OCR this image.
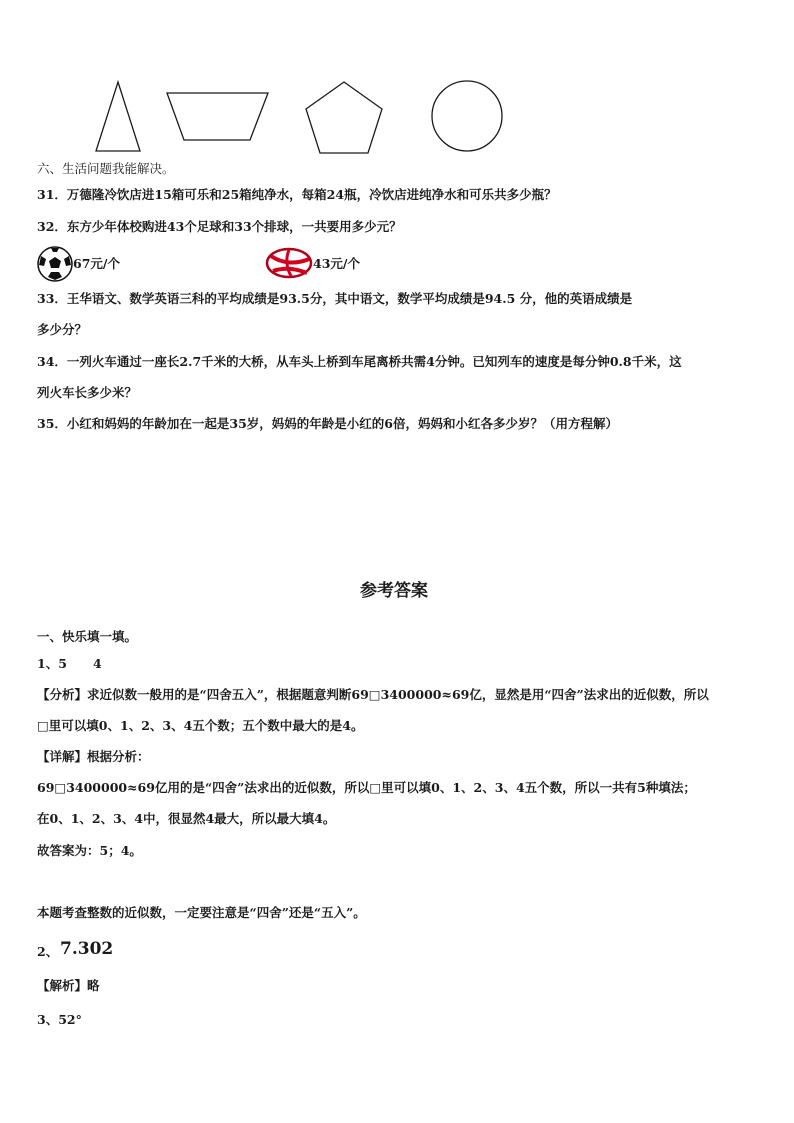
六、生活问题我能解决。
31．万德隆冷饮店进15箱可乐和25箱纯净水，每箱24瓶，冷饮店进纯净水和可乐共多少瓶？
32．东方少年体校购进43个足球和33个排球，一共要用多少元？
67元/个	43元/个
33．王华语文、数学英语三科的平均成绩是93.5分，其中语文，数学平均成绩是94.5 分，他的英语成绩是
多少分？
34．一列火车通过一座长2.7千米的大桥，从车头上桥到车尾离桥共需4分钟。已知列车的速度是每分钟0.8千米，这
列火车长多少米？
35．小红和妈妈的年龄加在一起是35岁，妈妈的年龄是小红的6倍，妈妈和小红各多少岁？（用方程解）
参考答案
一、快乐填一填。
1、5 4
【分析】求近似数一般用的是“四舍五入”，根据题意判断69□3400000≈69亿，显然是用“四舍”法求出的近似数，所以
□里可以填0、1、2、3、4五个数；五个数中最大的是4。
【详解】根据分析：
69□3400000≈69亿用的是“四舍”法求出的近似数，所以□里可以填0、1、2、3、4五个数，所以一共有5种填法；
在0、1、2、3、4中，很显然4最大，所以最大填4。
故答案为：5；4。
本题考查整数的近似数，一定要注意是“四舍”还是“五入”。
2、 7.302
【解析】略
3、52°
